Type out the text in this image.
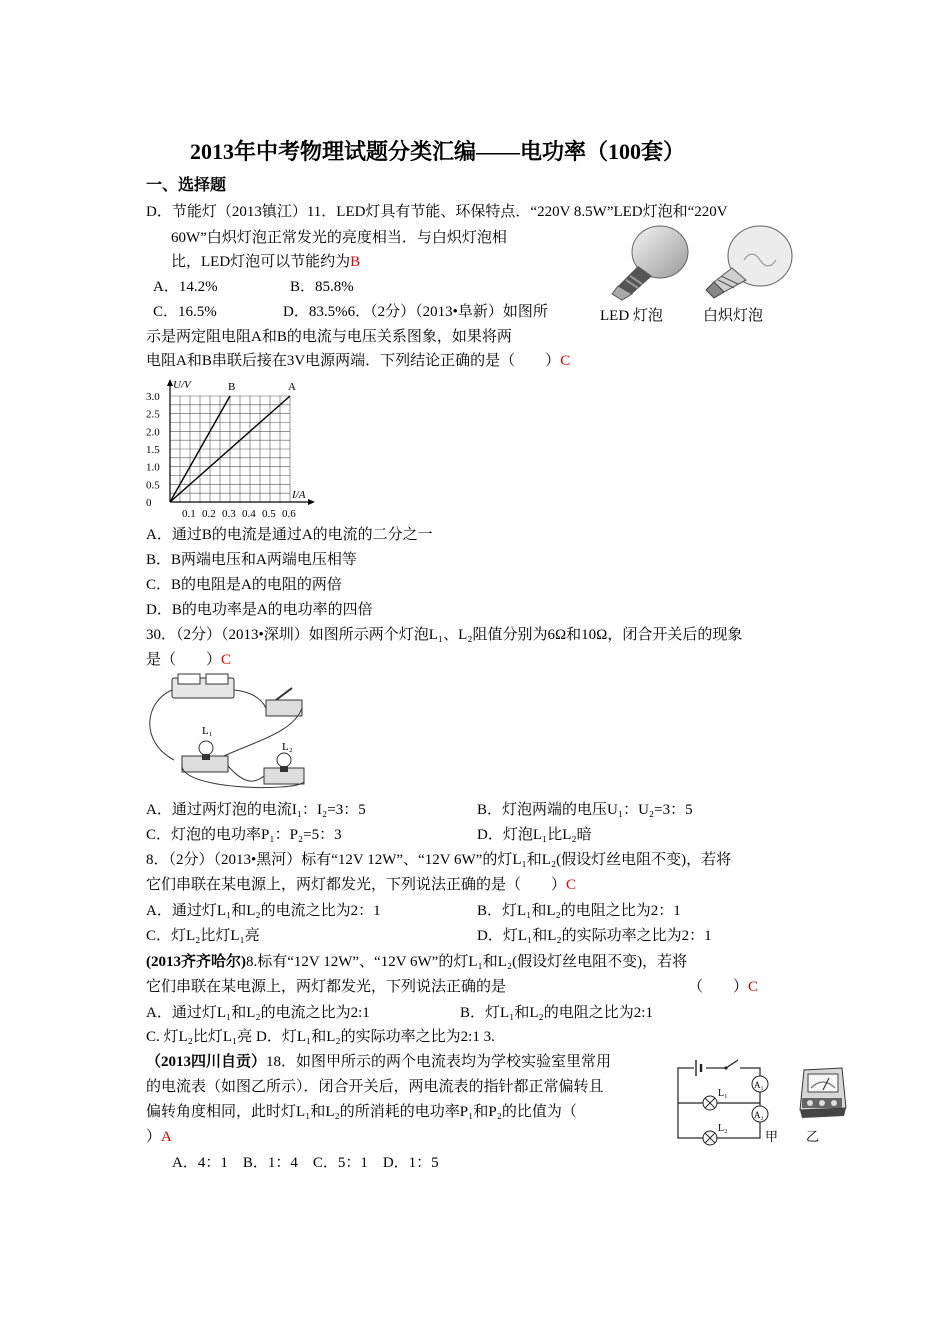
2013年中考物理试题分类汇编——电功率（100套）
一、选择题
D．节能灯（2013镇江）11．LED灯具有节能、环保特点．“220V 8.5W”LED灯泡和“220V
60W”白炽灯泡正常发光的亮度相当．与白炽灯泡相
比，LED灯泡可以节能约为B
A．14.2%	B．85.8%
C．16.5%	D．83.5%6．（2分）（2013•阜新）如图所	LED 灯泡	白炽灯泡
示是两定阻电阻A和B的电流与电压关系图象，如果将两
电阻A和B串联后接在3V电源两端．下列结论正确的是（　　）C
U/V
I/A
3.0
2.5
2.0
1.5
1.0
0.5
0
0.1 0.2 0.3 0.4 0.5 0.6
B	A
A．通过B的电流是通过A的电流的二分之一
B．B两端电压和A两端电压相等
C．B的电阻是A的电阻的两倍
D．B的电功率是A的电功率的四倍
30．（2分）（2013•深圳）如图所示两个灯泡L₁、L₂阻值分别为6Ω和10Ω，闭合开关后的现象
是（　　）C
L₁
L₂
A．通过两灯泡的电流I₁：I₂=3：5	B．灯泡两端的电压U₁：U₂=3：5
C．灯泡的电功率P₁：P₂=5：3	D．灯泡L₁比L₂暗
8．（2分）（2013•黑河）标有“12V 12W”、“12V 6W”的灯L₁和L₂(假设灯丝电阻不变)，若将
它们串联在某电源上，两灯都发光，下列说法正确的是（　　）C
A．通过灯L₁和L₂的电流之比为2：1	B．灯L₁和L₂的电阻之比为2：1
C．灯L₂比灯L₁亮	D．灯L₁和L₂的实际功率之比为2：1
(2013齐齐哈尔)8.标有“12V 12W”、“12V 6W”的灯L₁和L₂(假设灯丝电阻不变)，若将
它们串联在某电源上，两灯都发光，下列说法正确的是	（　　）C
A．通过灯L₁和L₂的电流之比为2:1	B．灯L₁和L₂的电阻之比为2:1
C. 灯L₂比灯L₁亮 D．灯L₁和L₂的实际功率之比为2:1 3.
（2013四川自贡）18．如图甲所示的两个电流表均为学校实验室里常用
的电流表（如图乙所示）．闭合开关后，两电流表的指针都正常偏转且
偏转角度相同，此时灯L₁和L₂的所消耗的电功率P₁和P₂的比值为（
）A
A．4：1　B．1：4　C．5：1　D．1：5
L₁
L₂
A₁
A₂
甲 乙
